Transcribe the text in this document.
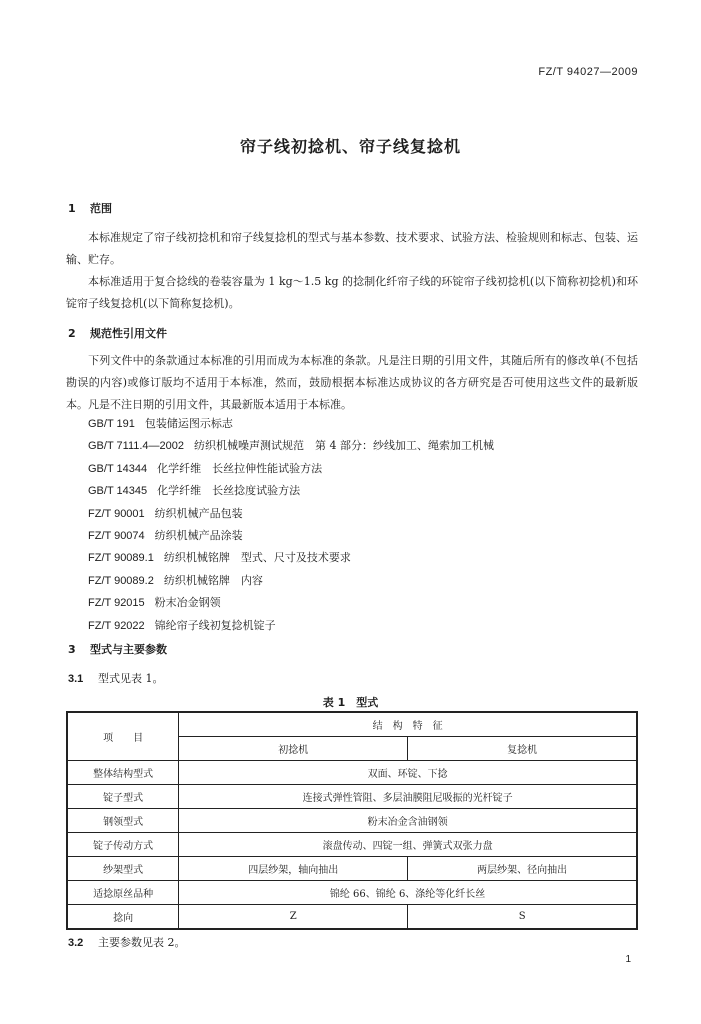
FZ/T 94027—2009
帘子线初捻机、帘子线复捻机
1 范围
本标准规定了帘子线初捻机和帘子线复捻机的型式与基本参数、技术要求、试验方法、检验规则和标志、包装、运输、贮存。
本标准适用于复合捻线的卷装容量为 1 kg～1.5 kg 的捻制化纤帘子线的环锭帘子线初捻机(以下简称初捻机)和环锭帘子线复捻机(以下简称复捻机)。
2 规范性引用文件
下列文件中的条款通过本标准的引用而成为本标准的条款。凡是注日期的引用文件，其随后所有的修改单(不包括勘误的内容)或修订版均不适用于本标准，然而，鼓励根据本标准达成协议的各方研究是否可使用这些文件的最新版本。凡是不注日期的引用文件，其最新版本适用于本标准。
GB/T 191 包装储运图示标志
GB/T 7111.4—2002 纺织机械噪声测试规范　第 4 部分：纱线加工、绳索加工机械
GB/T 14344 化学纤维　长丝拉伸性能试验方法
GB/T 14345 化学纤维　长丝捻度试验方法
FZ/T 90001 纺织机械产品包装
FZ/T 90074 纺织机械产品涂装
FZ/T 90089.1 纺织机械铭牌　型式、尺寸及技术要求
FZ/T 90089.2 纺织机械铭牌　内容
FZ/T 92015 粉末冶金钢领
FZ/T 92022 锦纶帘子线初复捻机锭子
3 型式与主要参数
3.1 型式见表 1。
表 1　型式
项　　目	结　构　特　征	
	初捻机	复捻机
整体结构型式	双面、环锭、下捻	
锭子型式	连接式弹性管阻、多层油膜阻尼吸振的光杆锭子	
钢领型式	粉末冶金含油钢领	
锭子传动方式	滚盘传动、四锭一组、弹簧式双张力盘	
纱架型式	四层纱架，轴向抽出	两层纱架、径向抽出
适捻原丝品种	锦纶 66、锦纶 6、涤纶等化纤长丝	
捻向	Z	S
3.2 主要参数见表 2。
1
